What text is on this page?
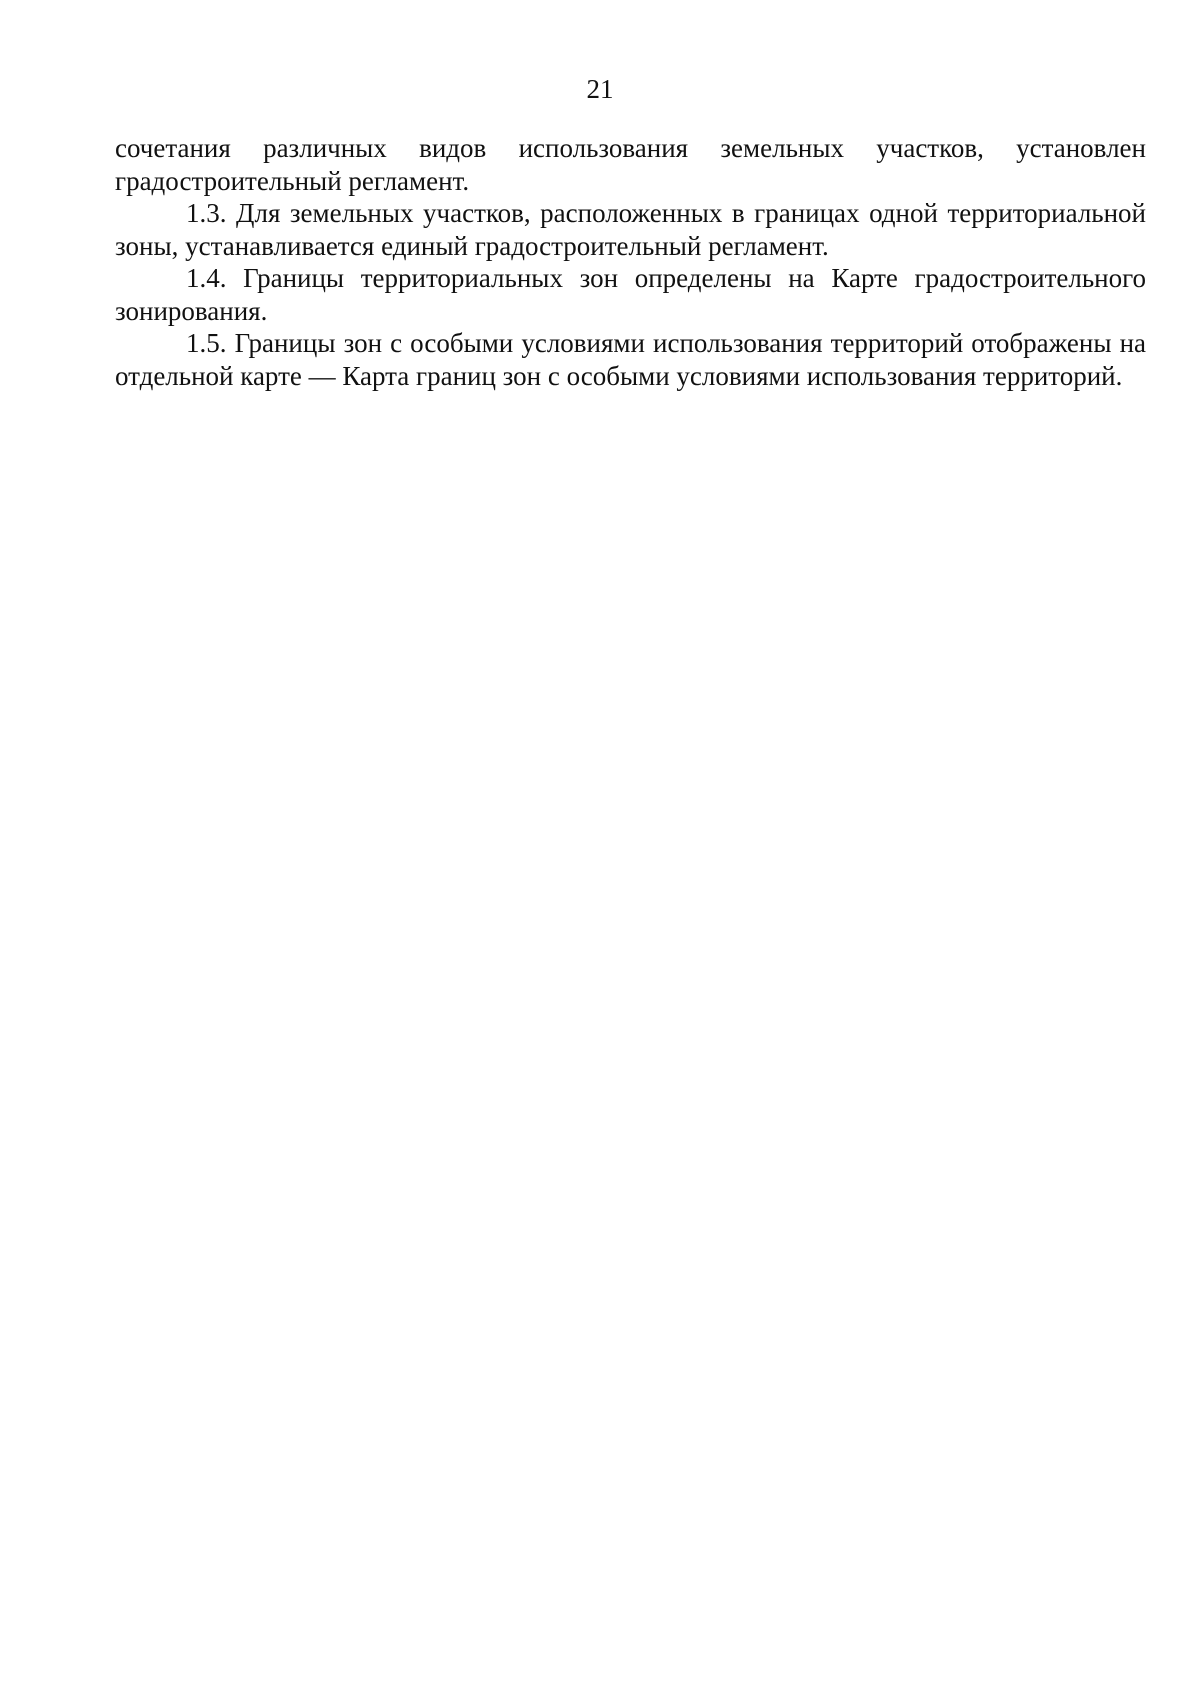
21

сочетания различных видов использования земельных участков, установлен градостроительный регламент.

1.3. Для земельных участков, расположенных в границах одной территориальной зоны, устанавливается единый градостроительный регламент.

1.4. Границы территориальных зон определены на Карте градостроительного зонирования.

1.5. Границы зон с особыми условиями использования территорий отображены на отдельной карте — Карта границ зон с особыми условиями использования территорий.
